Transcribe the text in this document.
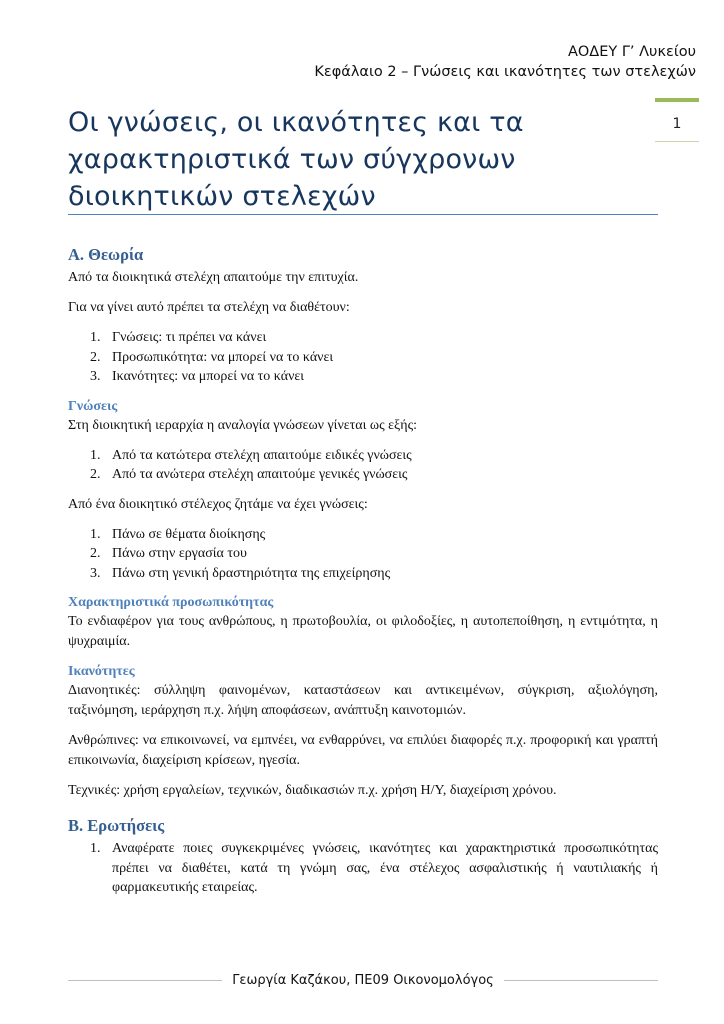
ΑΟΔΕΥ Γ’ Λυκείου
Κεφάλαιο 2 – Γνώσεις και ικανότητες των στελεχών
1
Οι γνώσεις, οι ικανότητες και τα χαρακτηριστικά των σύγχρονων διοικητικών στελεχών
Α. Θεωρία

Από τα διοικητικά στελέχη απαιτούμε την επιτυχία.

Για να γίνει αυτό πρέπει τα στελέχη να διαθέτουν:

1. Γνώσεις: τι πρέπει να κάνει
2. Προσωπικότητα: να μπορεί να το κάνει
3. Ικανότητες: να μπορεί να το κάνει
Γνώσεις

Στη διοικητική ιεραρχία η αναλογία γνώσεων γίνεται ως εξής:

1. Από τα κατώτερα στελέχη απαιτούμε ειδικές γνώσεις
2. Από τα ανώτερα στελέχη απαιτούμε γενικές γνώσεις

Από ένα διοικητικό στέλεχος ζητάμε να έχει γνώσεις:

1. Πάνω σε θέματα διοίκησης
2. Πάνω στην εργασία του
3. Πάνω στη γενική δραστηριότητα της επιχείρησης
Χαρακτηριστικά προσωπικότητας

Το ενδιαφέρον για τους ανθρώπους, η πρωτοβουλία, οι φιλοδοξίες, η αυτοπεποίθηση, η εντιμότητα, η ψυχραιμία.

Ικανότητες

Διανοητικές: σύλληψη φαινομένων, καταστάσεων και αντικειμένων, σύγκριση, αξιολόγηση, ταξινόμηση, ιεράρχηση π.χ. λήψη αποφάσεων, ανάπτυξη καινοτομιών.

Ανθρώπινες: να επικοινωνεί, να εμπνέει, να ενθαρρύνει, να επιλύει διαφορές π.χ. προφορική και γραπτή επικοινωνία, διαχείριση κρίσεων, ηγεσία.

Τεχνικές: χρήση εργαλείων, τεχνικών, διαδικασιών π.χ. χρήση Η/Υ, διαχείριση χρόνου.

Β. Ερωτήσεις
1. Αναφέρατε ποιες συγκεκριμένες γνώσεις, ικανότητες και χαρακτηριστικά προσωπικότητας πρέπει να διαθέτει, κατά τη γνώμη σας, ένα στέλεχος ασφαλιστικής ή ναυτιλιακής ή φαρμακευτικής εταιρείας.
Γεωργία Καζάκου, ΠΕ09 Οικονομολόγος
